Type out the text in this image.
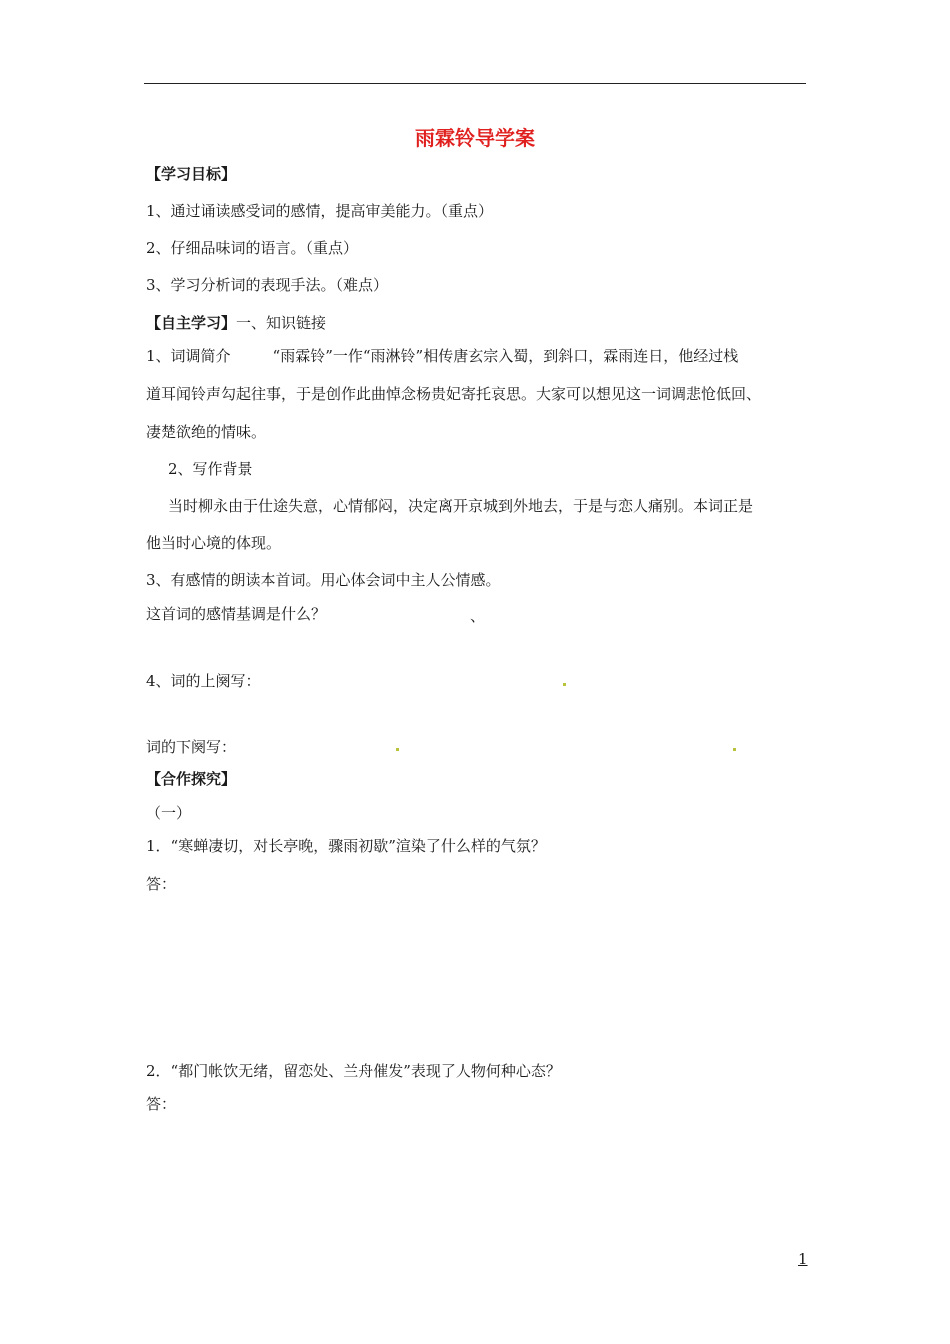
雨霖铃导学案
【学习目标】
1、通过诵读感受词的感情，提高审美能力。（重点）
2、仔细品味词的语言。（重点）
3、学习分析词的表现手法。（难点）
【自主学习】一、知识链接
1、词调简介	“雨霖铃”一作“雨淋铃”相传唐玄宗入蜀，到斜口，霖雨连日，他经过栈
道耳闻铃声勾起往事，于是创作此曲悼念杨贵妃寄托哀思。大家可以想见这一词调悲怆低回、
凄楚欲绝的情味。
2、写作背景
当时柳永由于仕途失意，心情郁闷，决定离开京城到外地去，于是与恋人痛别。本词正是
他当时心境的体现。
3、有感情的朗读本首词。用心体会词中主人公情感。
这首词的感情基调是什么？	、
4、词的上阕写：
词的下阕写：
【合作探究】
（一）
1．“寒蝉凄切，对长亭晚，骤雨初歇”渲染了什么样的气氛？
答：
2．“都门帐饮无绪，留恋处、兰舟催发”表现了人物何种心态？
答：
1
